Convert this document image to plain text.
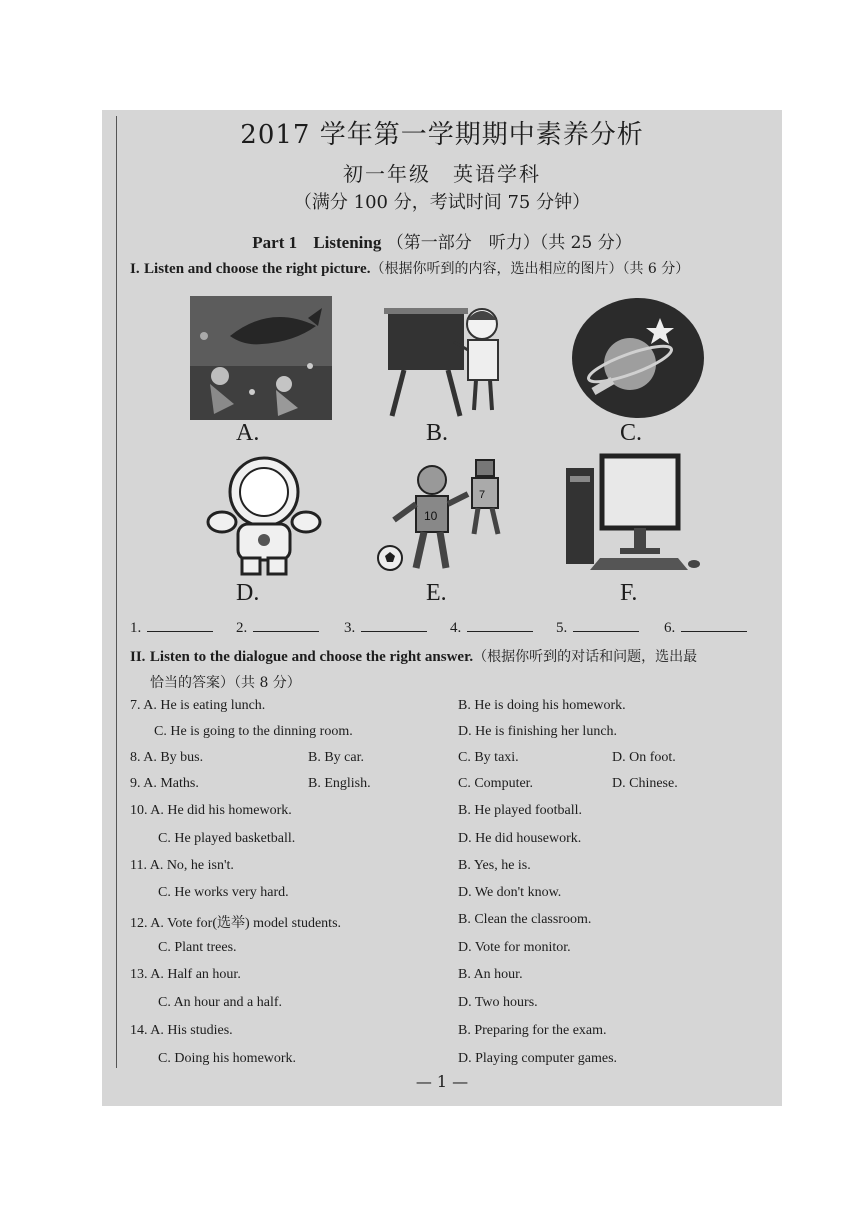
2017 学年第一学期期中素养分析
初一年级　英语学科
（满分 100 分，考试时间 75 分钟）
Part 1 Listening （第一部分　听力）（共 25 分）
I. Listen and choose the right picture.（根据你听到的内容，选出相应的图片）（共 6 分）
A.	B.	C.
10
7
D.	E.	F.
1.	2.	3.	4.	5.	6.
II. Listen to the dialogue and choose the right answer.（根据你听到的对话和问题，选出最
恰当的答案）（共 8 分）
7. A. He is eating lunch.	B. He is doing his homework.
C. He is going to the dinning room.	D. He is finishing her lunch.
8. A. By bus.	B. By car.	C. By taxi.	D. On foot.
9. A. Maths.	B. English.	C. Computer.	D. Chinese.
10. A. He did his homework.	B. He played football.
C. He played basketball.	D. He did housework.
11. A. No, he isn't.	B. Yes, he is.
C. He works very hard.	D. We don't know.
12. A. Vote for(选举) model students.	B. Clean the classroom.
C. Plant trees.	D. Vote for monitor.
13. A. Half an hour.	B. An hour.
C. An hour and a half.	D. Two hours.
14. A. His studies.	B. Preparing for the exam.
C. Doing his homework.	D. Playing computer games.
— 1 —
